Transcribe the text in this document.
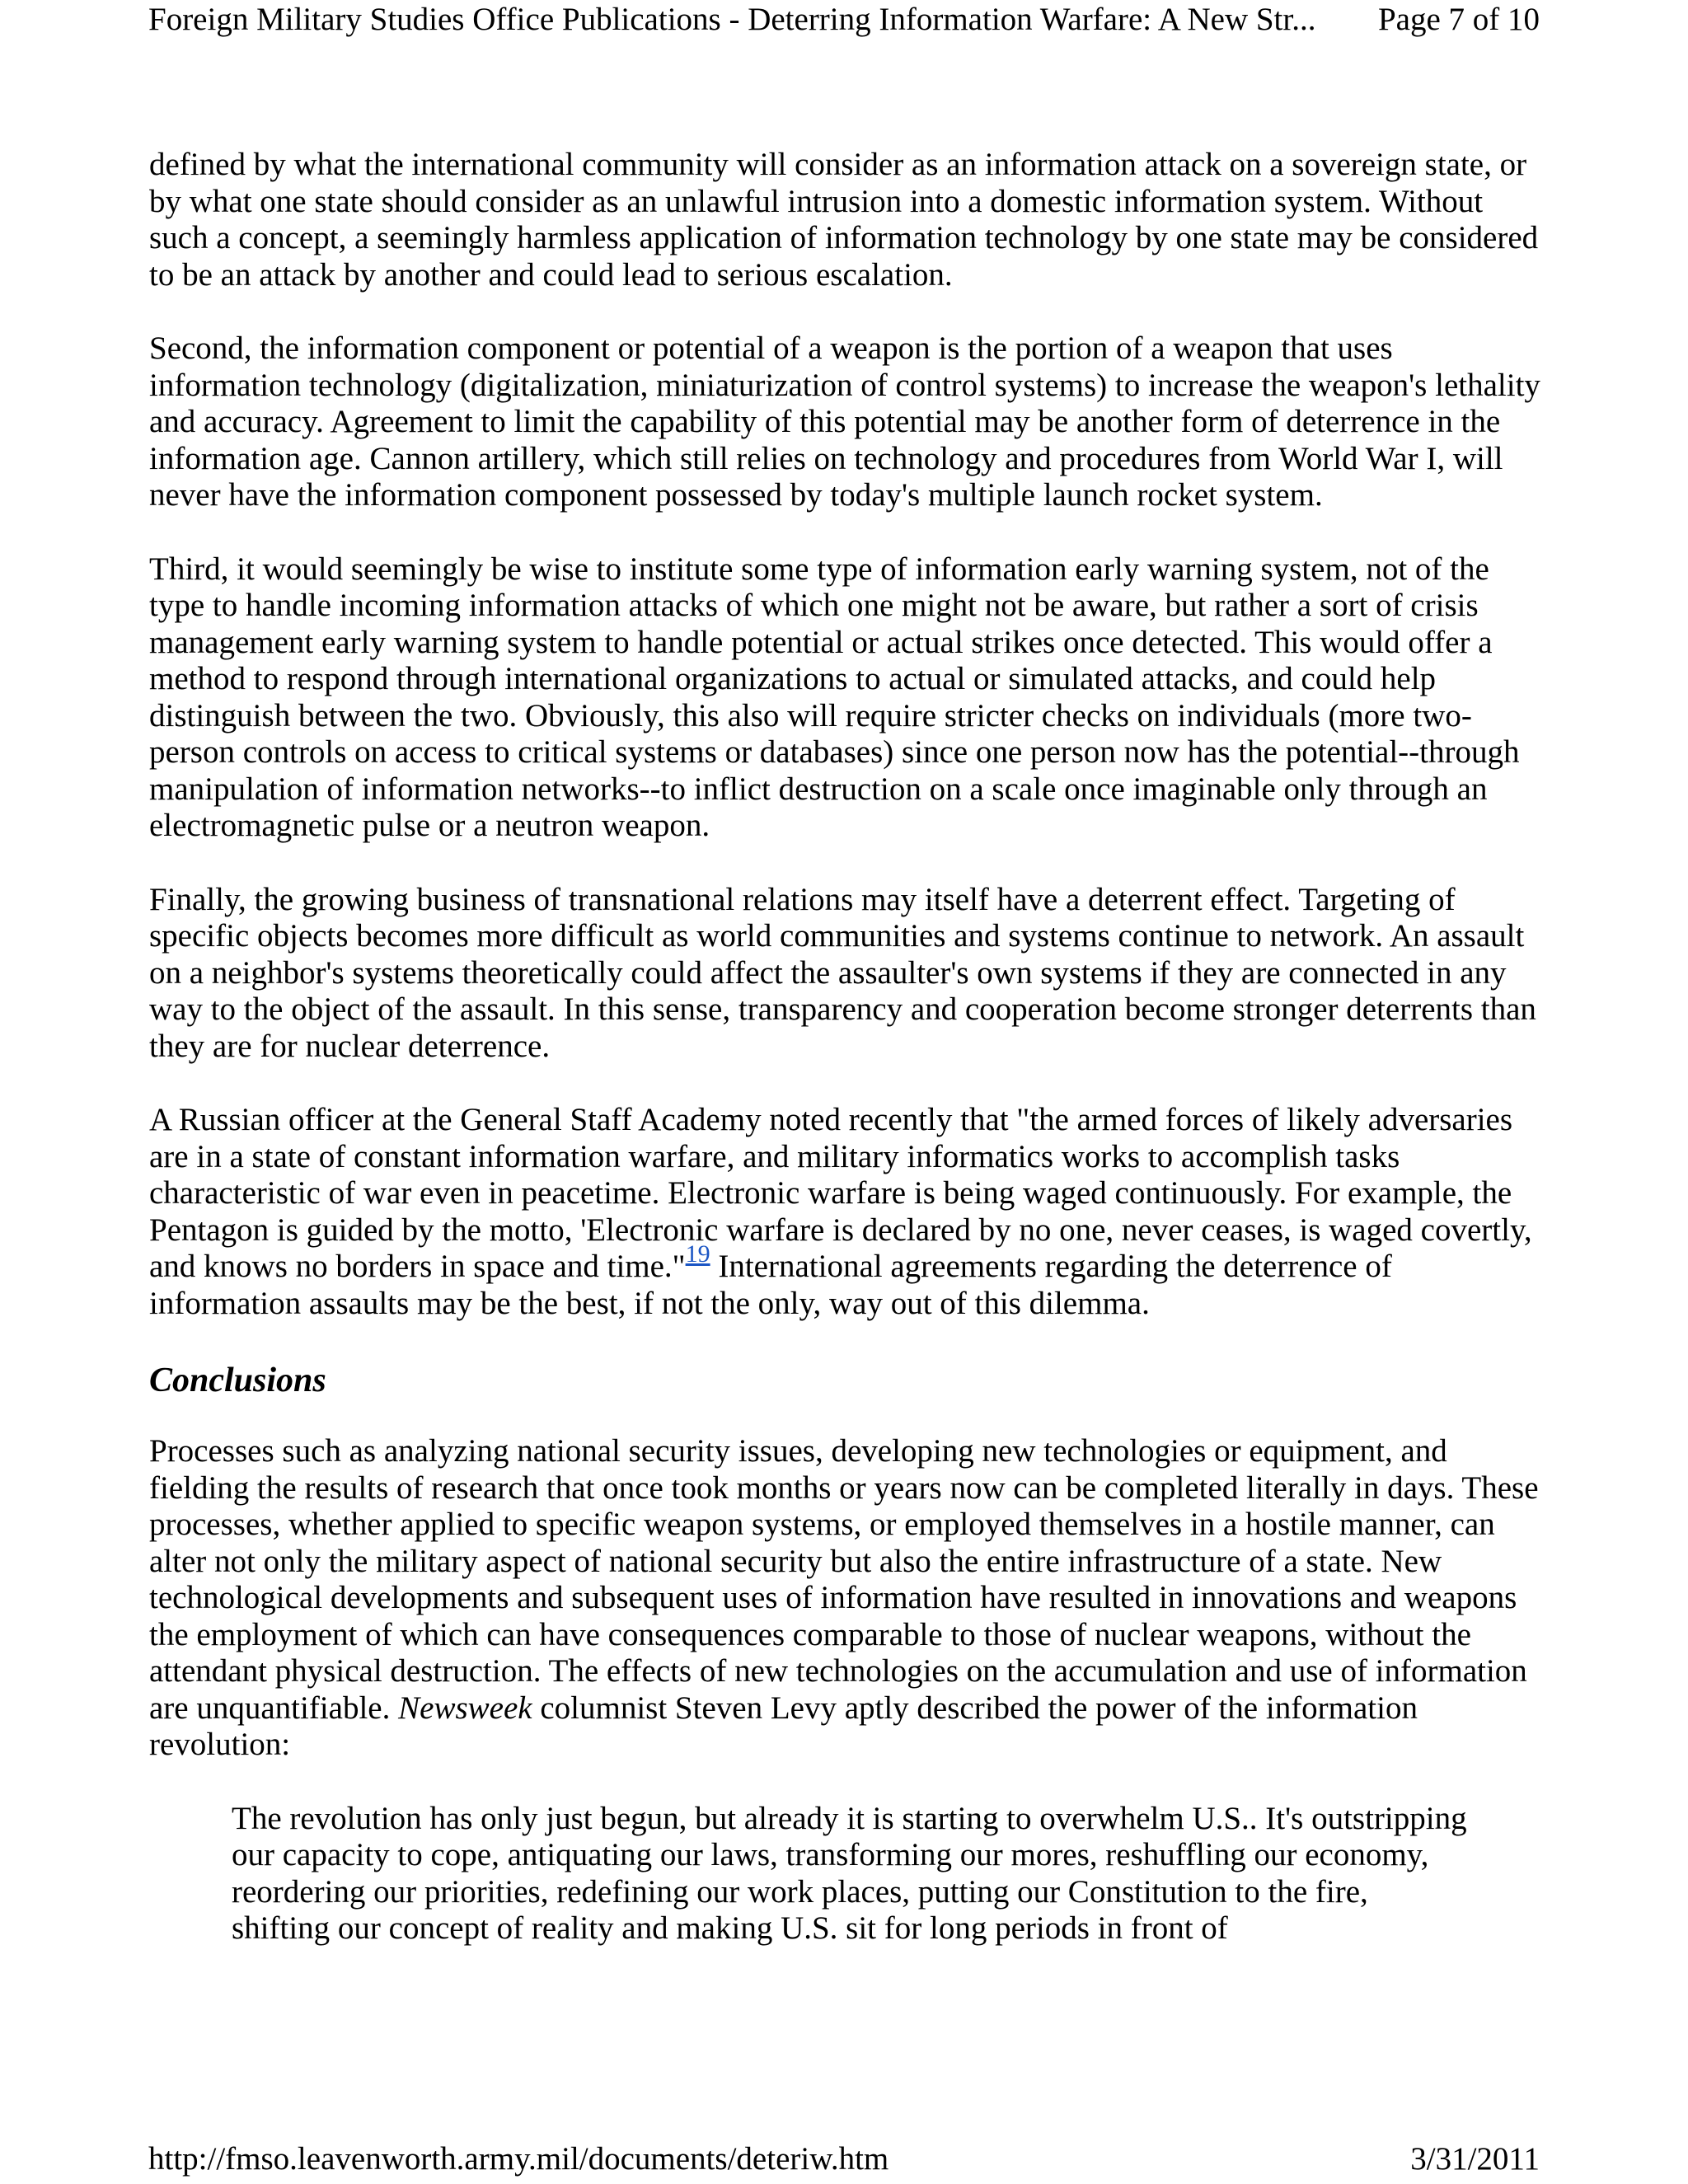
Foreign Military Studies Office Publications - Deterring Information Warfare: A New Str... Page 7 of 10

defined by what the international community will consider as an information attack on a sovereign state, or by what one state should consider as an unlawful intrusion into a domestic information system. Without such a concept, a seemingly harmless application of information technology by one state may be considered to be an attack by another and could lead to serious escalation.

Second, the information component or potential of a weapon is the portion of a weapon that uses information technology (digitalization, miniaturization of control systems) to increase the weapon's lethality and accuracy. Agreement to limit the capability of this potential may be another form of deterrence in the information age. Cannon artillery, which still relies on technology and procedures from World War I, will never have the information component possessed by today's multiple launch rocket system.

Third, it would seemingly be wise to institute some type of information early warning system, not of the type to handle incoming information attacks of which one might not be aware, but rather a sort of crisis management early warning system to handle potential or actual strikes once detected. This would offer a method to respond through international organizations to actual or simulated attacks, and could help distinguish between the two. Obviously, this also will require stricter checks on individuals (more two-person controls on access to critical systems or databases) since one person now has the potential--through manipulation of information networks--to inflict destruction on a scale once imaginable only through an electromagnetic pulse or a neutron weapon.

Finally, the growing business of transnational relations may itself have a deterrent effect. Targeting of specific objects becomes more difficult as world communities and systems continue to network. An assault on a neighbor's systems theoretically could affect the assaulter's own systems if they are connected in any way to the object of the assault. In this sense, transparency and cooperation become stronger deterrents than they are for nuclear deterrence.

A Russian officer at the General Staff Academy noted recently that "the armed forces of likely adversaries are in a state of constant information warfare, and military informatics works to accomplish tasks characteristic of war even in peacetime. Electronic warfare is being waged continuously. For example, the Pentagon is guided by the motto, 'Electronic warfare is declared by no one, never ceases, is waged covertly, and knows no borders in space and time."$^{19}$ International agreements regarding the deterrence of information assaults may be the best, if not the only, way out of this dilemma.

Conclusions

Processes such as analyzing national security issues, developing new technologies or equipment, and fielding the results of research that once took months or years now can be completed literally in days. These processes, whether applied to specific weapon systems, or employed themselves in a hostile manner, can alter not only the military aspect of national security but also the entire infrastructure of a state. New technological developments and subsequent uses of information have resulted in innovations and weapons the employment of which can have consequences comparable to those of nuclear weapons, without the attendant physical destruction. The effects of new technologies on the accumulation and use of information are unquantifiable. Newsweek columnist Steven Levy aptly described the power of the information revolution:

The revolution has only just begun, but already it is starting to overwhelm U.S.. It's outstripping our capacity to cope, antiquating our laws, transforming our mores, reshuffling our economy, reordering our priorities, redefining our work places, putting our Constitution to the fire, shifting our concept of reality and making U.S. sit for long periods in front of

http://fmso.leavenworth.army.mil/documents/deteriw.htm	3/31/2011
